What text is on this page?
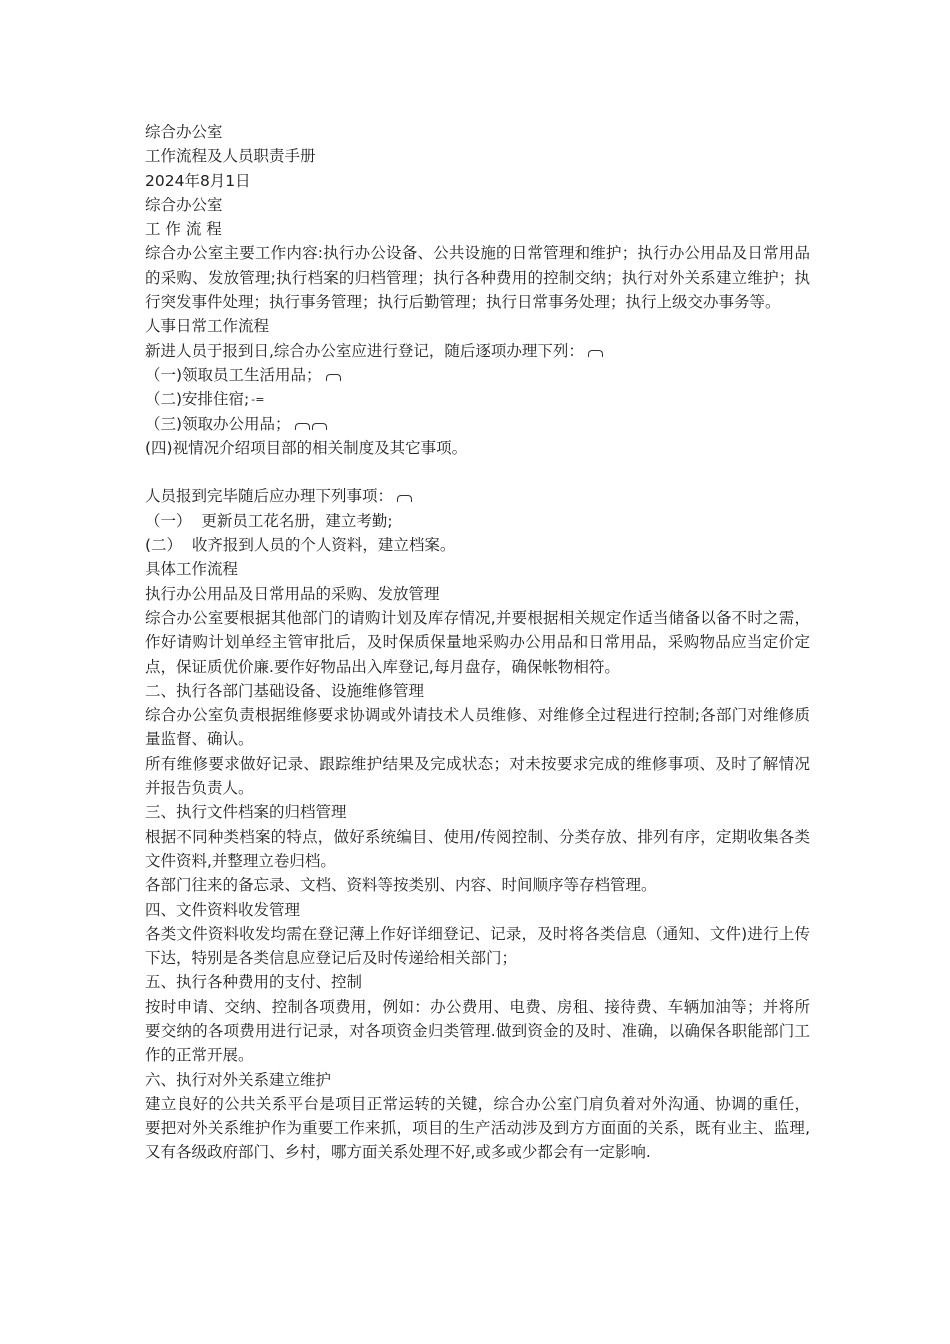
综合办公室
工作流程及人员职责手册
2024年8月1日
综合办公室
工 作 流 程
综合办公室主要工作内容:执行办公设备、公共设施的日常管理和维护；执行办公用品及日常用品的采购、发放管理;执行档案的归档管理；执行各种费用的控制交纳；执行对外关系建立维护；执行突发事件处理；执行事务管理；执行后勤管理；执行日常事务处理；执行上级交办事务等。
人事日常工作流程
新进人员于报到日,综合办公室应进行登记，随后逐项办理下列：
（一)领取员工生活用品；
（二)安排住宿; -=
（三)领取办公用品；
(四)视情况介绍项目部的相关制度及其它事项。
人员报到完毕随后应办理下列事项：
（一）  更新员工花名册，建立考勤;
(二）  收齐报到人员的个人资料，建立档案。
具体工作流程
执行办公用品及日常用品的采购、发放管理
综合办公室要根据其他部门的请购计划及库存情况,并要根据相关规定作适当储备以备不时之需，作好请购计划单经主管审批后，及时保质保量地采购办公用品和日常用品，采购物品应当定价定点，保证质优价廉.要作好物品出入库登记,每月盘存，确保帐物相符。
二、执行各部门基础设备、设施维修管理
综合办公室负责根据维修要求协调或外请技术人员维修、对维修全过程进行控制;各部门对维修质量监督、确认。
所有维修要求做好记录、跟踪维护结果及完成状态；对未按要求完成的维修事项、及时了解情况并报告负责人。
三、执行文件档案的归档管理
根据不同种类档案的特点，做好系统编目、使用/传阅控制、分类存放、排列有序，定期收集各类文件资料,并整理立卷归档。
各部门往来的备忘录、文档、资料等按类别、内容、时间顺序等存档管理。
四、文件资料收发管理
各类文件资料收发均需在登记薄上作好详细登记、记录，及时将各类信息（通知、文件)进行上传下达，特别是各类信息应登记后及时传递给相关部门；
五、执行各种费用的支付、控制
按时申请、交纳、控制各项费用，例如：办公费用、电费、房租、接待费、车辆加油等；并将所要交纳的各项费用进行记录，对各项资金归类管理.做到资金的及时、准确，以确保各职能部门工作的正常开展。
六、执行对外关系建立维护
建立良好的公共关系平台是项目正常运转的关键，综合办公室门肩负着对外沟通、协调的重任，要把对外关系维护作为重要工作来抓，项目的生产活动涉及到方方面面的关系，既有业主、监理,又有各级政府部门、乡村，哪方面关系处理不好,或多或少都会有一定影响.
